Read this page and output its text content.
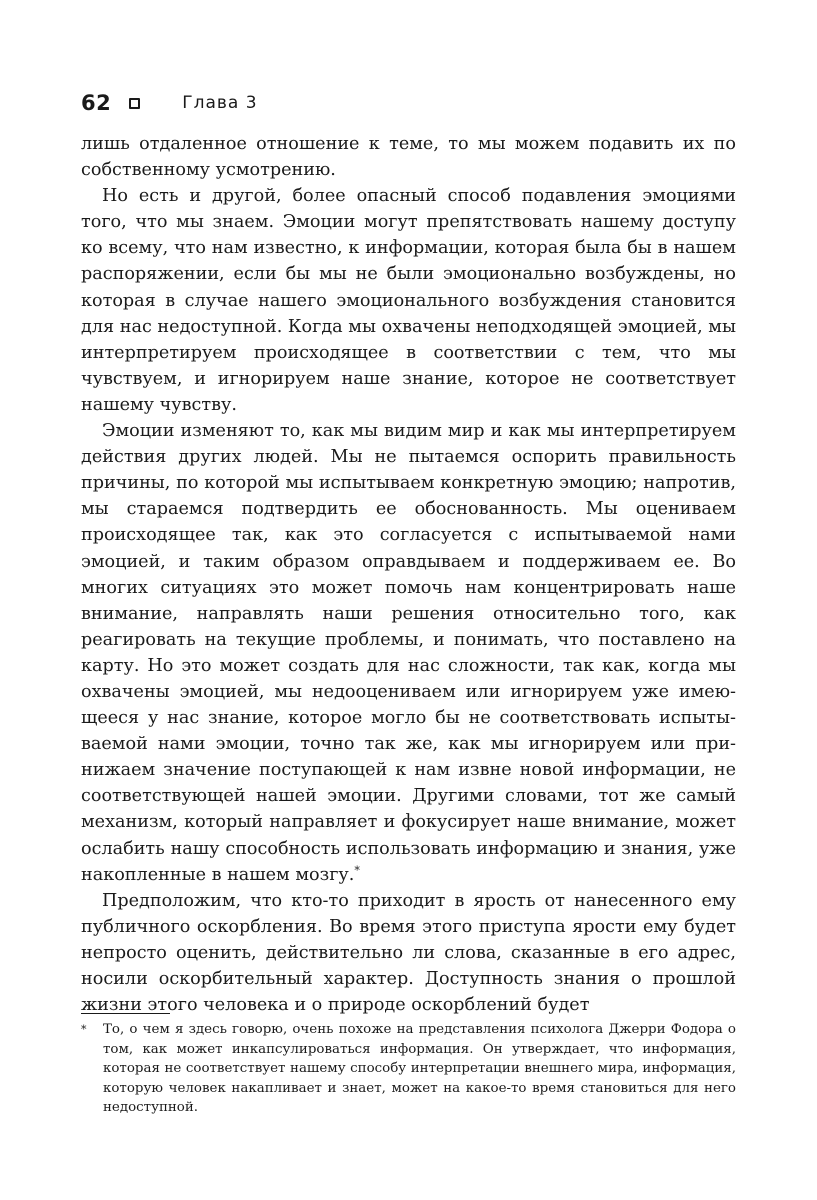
62	Глава 3

лишь отдаленное отношение к теме, то мы можем подавить их по собственному усмотрению.

Но есть и другой, более опасный способ подавления эмоциями того, что мы знаем. Эмоции могут препятствовать нашему доступу ко всему, что нам известно, к информации, которая была бы в нашем распоряжении, если бы мы не были эмоционально возбуждены, но которая в случае нашего эмоционального возбуждения становится для нас недоступной. Когда мы охвачены неподходящей эмоцией, мы интерпретируем происходящее в соответствии с тем, что мы чувствуем, и игнорируем наше знание, которое не соответствует нашему чувству.

Эмоции изменяют то, как мы видим мир и как мы интерпретируем действия других людей. Мы не пытаемся оспорить правильность причины, по которой мы испытываем конкретную эмоцию; напротив, мы стараемся подтвердить ее обоснованность. Мы оцениваем происходящее так, как это согласуется с испытываемой нами эмоцией, и таким образом оправдываем и поддерживаем ее. Во многих ситуациях это может помочь нам концентрировать наше внимание, направлять наши решения относительно того, как реагировать на текущие проблемы, и понимать, что поставлено на карту. Но это может создать для нас сложности, так как, когда мы охвачены эмоцией, мы недооцениваем или игнорируем уже имеющееся у нас знание, которое могло бы не соответствовать испытываемой нами эмоции, точно так же, как мы игнорируем или принижаем значение поступающей к нам извне новой информации, не соответствующей нашей эмоции. Другими словами, тот же самый механизм, который направляет и фокусирует наше внимание, может ослабить нашу способность использовать информацию и знания, уже накопленные в нашем мозгу.*

Предположим, что кто-то приходит в ярость от нанесенного ему публичного оскорбления. Во время этого приступа ярости ему будет непросто оценить, действительно ли слова, сказанные в его адрес, носили оскорбительный характер. Доступность знания о прошлой жизни этого человека и о природе оскорблений будет

*	То, о чем я здесь говорю, очень похоже на представления психолога Джерри Фодора о том, как может инкапсулироваться информация. Он утверждает, что информация, которая не соответствует нашему способу интерпретации внешнего мира, информация, которую человек накапливает и знает, может на какое-то время становиться для него недоступной.
